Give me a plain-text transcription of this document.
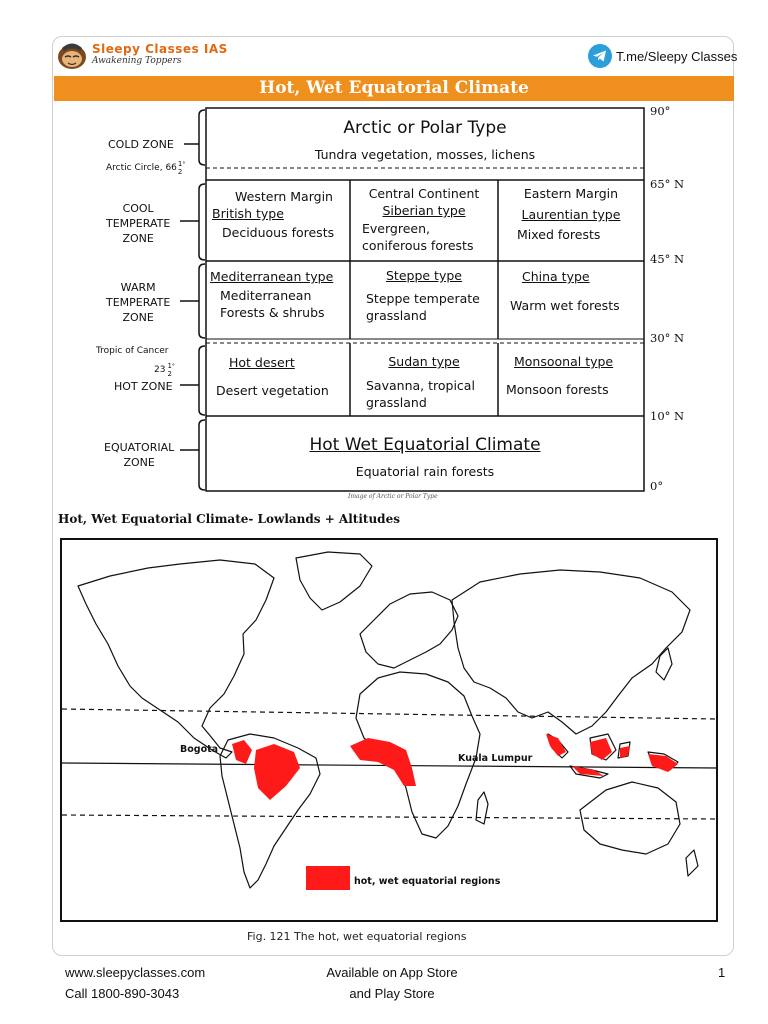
Sleepy Classes IAS
Awakening Toppers	T.me/Sleepy Classes
Hot, Wet Equatorial Climate
COLD ZONE
Arctic Circle, 661
2°
COOL
TEMPERATE
ZONE
WARM
TEMPERATE
ZONE
Tropic of Cancer
23 1
2°
HOT ZONE
EQUATORIAL
ZONE
Arctic or Polar Type
Tundra vegetation, mosses, lichens
Western Margin
British type
Deciduous forests
Central Continent
Siberian type
Evergreen,
coniferous forests
Eastern Margin
Laurentian type
Mixed forests
Mediterranean type
Mediterranean
Forests & shrubs
Steppe type
Steppe temperate
grassland
China type
Warm wet forests
Hot desert
Desert vegetation
Sudan type
Savanna, tropical
grassland
Monsoonal type
Monsoon forests
Hot Wet Equatorial Climate
Equatorial rain forests
90°
65° N
45° N
30° N
10° N
0°
Image of Arctic or Polar Type
Hot, Wet Equatorial Climate- Lowlands + Altitudes
Bogota
Kuala Lumpur
hot, wet equatorial regions
Fig. 121 The hot, wet equatorial regions
www.sleepyclasses.com
Call 1800-890-3043
Available on App Store
and Play Store
1
